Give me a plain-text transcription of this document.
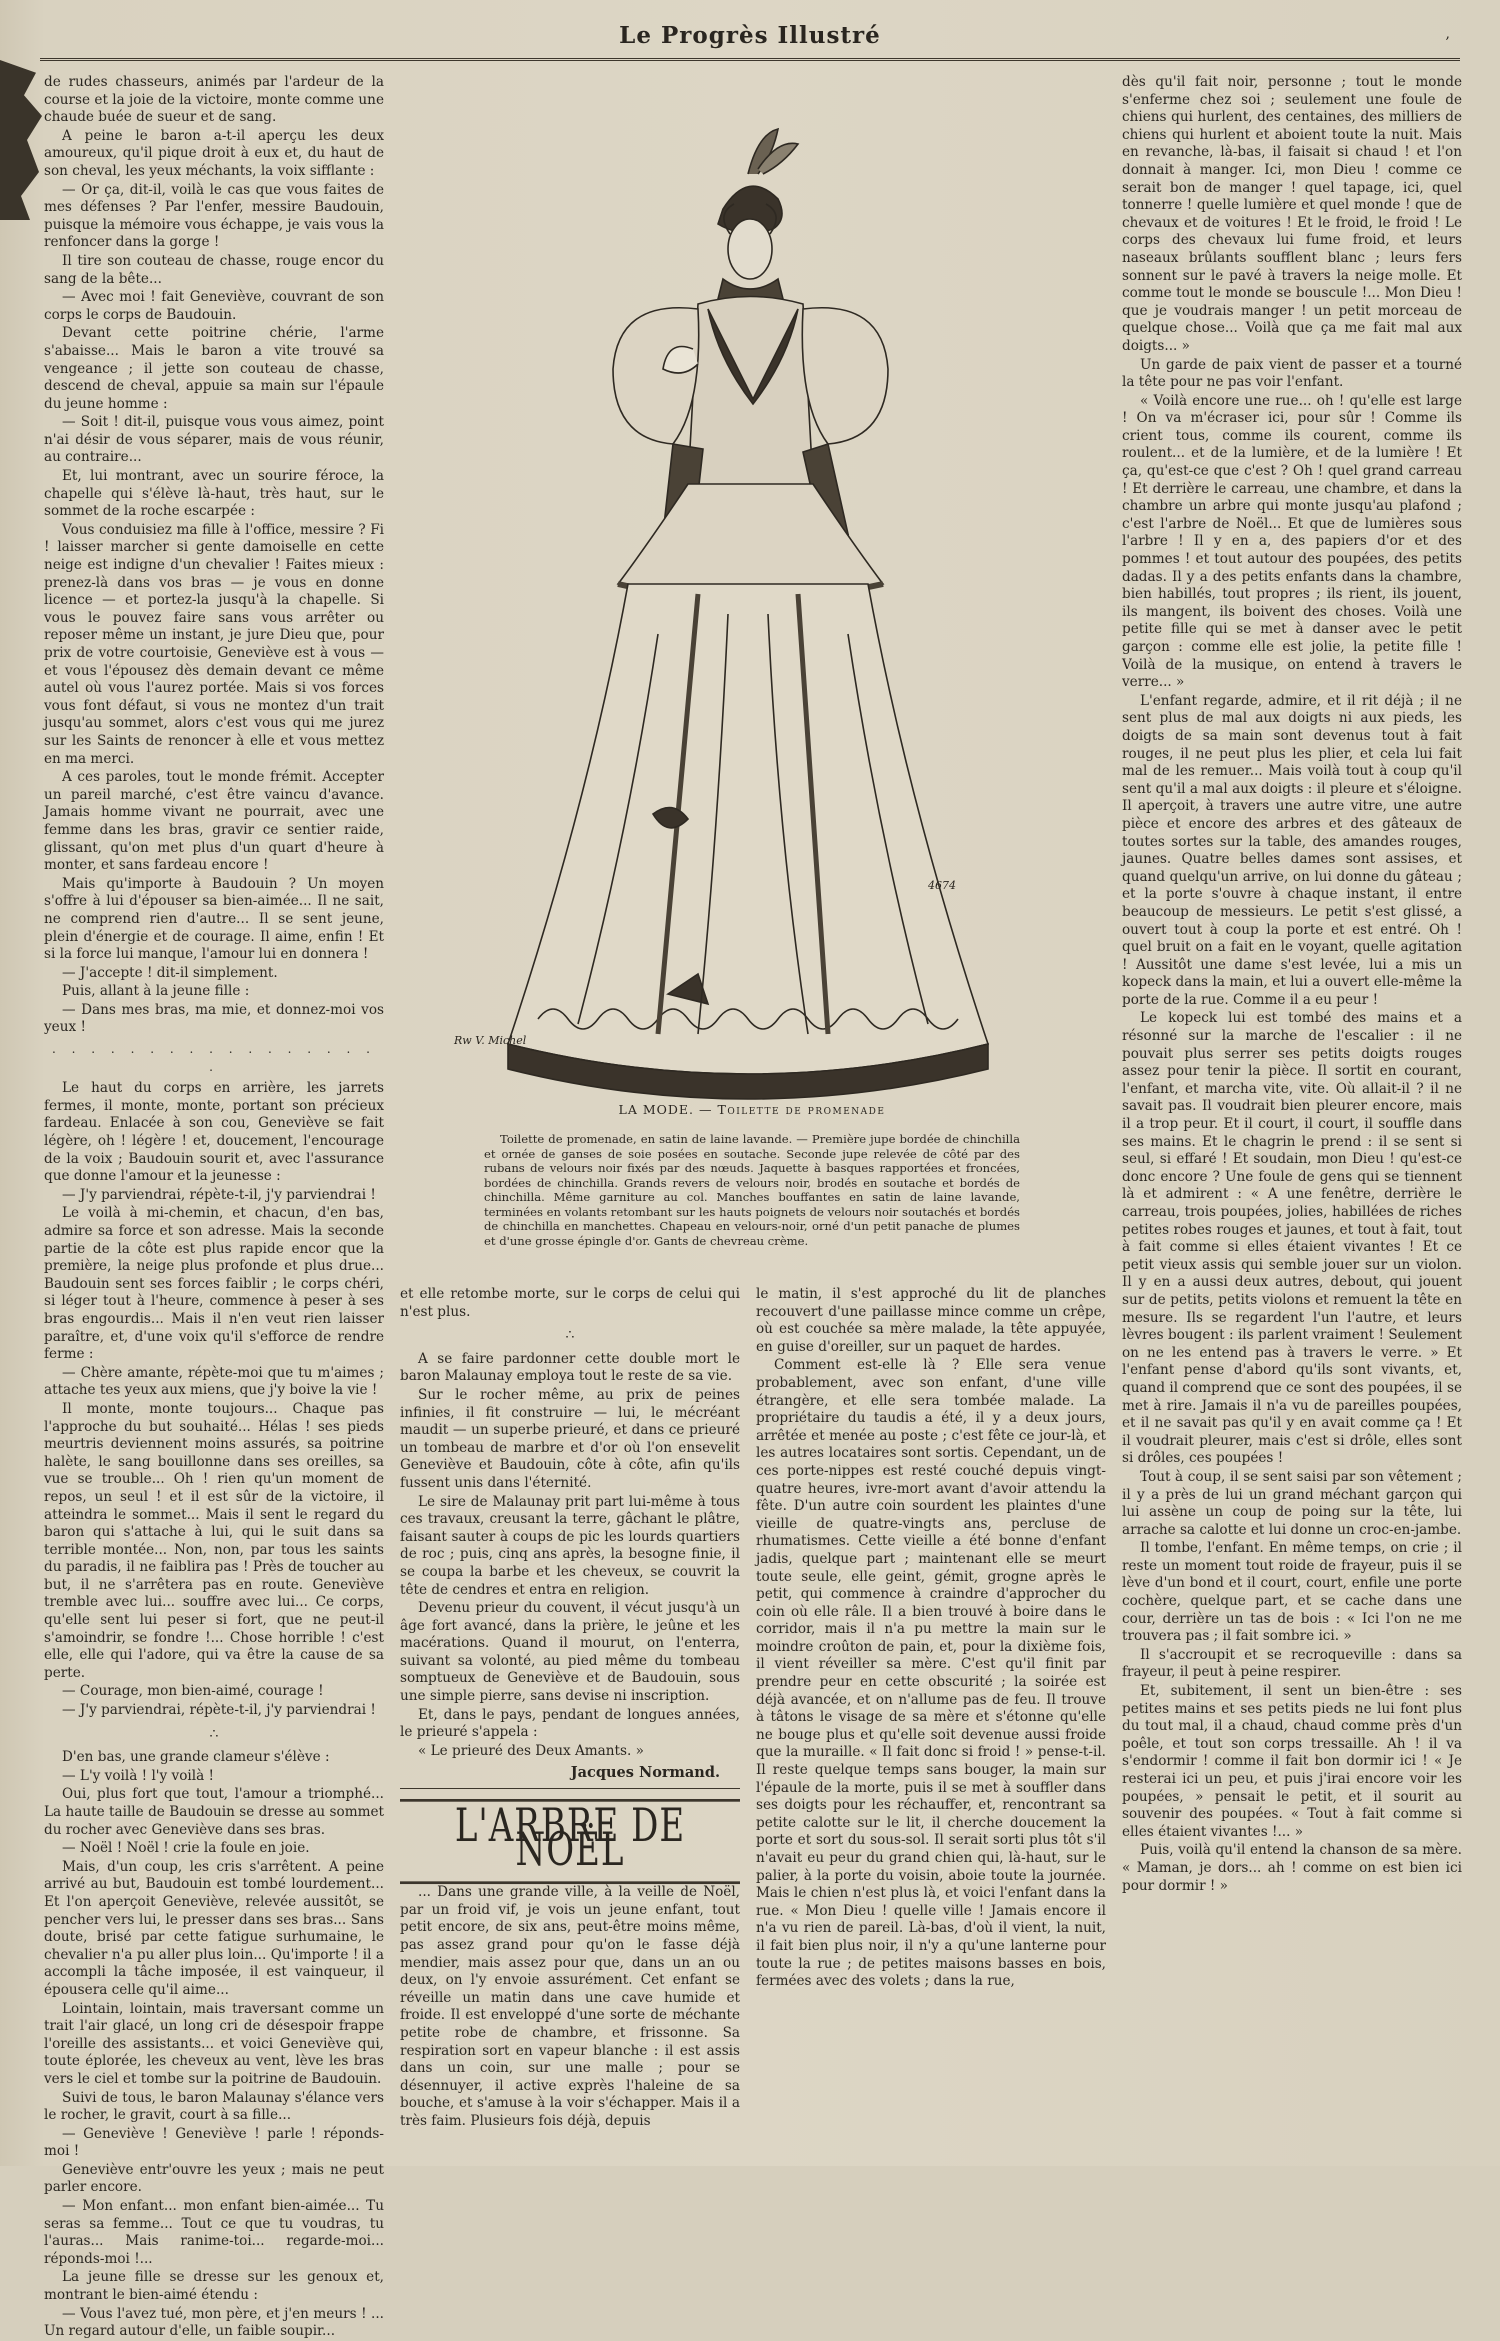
Le Progrès Illustré	,

de rudes chasseurs, animés par l'ardeur de la course et la joie de la victoire, monte comme une chaude buée de sueur et de sang.

A peine le baron a-t-il aperçu les deux amoureux, qu'il pique droit à eux et, du haut de son cheval, les yeux méchants, la voix sifflante :

— Or ça, dit-il, voilà le cas que vous faites de mes défenses ? Par l'enfer, messire Baudouin, puisque la mémoire vous échappe, je vais vous la renfoncer dans la gorge !

Il tire son couteau de chasse, rouge encor du sang de la bête...

— Avec moi ! fait Geneviève, couvrant de son corps le corps de Baudouin.

Devant cette poitrine chérie, l'arme s'abaisse... Mais le baron a vite trouvé sa vengeance ; il jette son couteau de chasse, descend de cheval, appuie sa main sur l'épaule du jeune homme :

— Soit ! dit-il, puisque vous vous aimez, point n'ai désir de vous séparer, mais de vous réunir, au contraire...

Et, lui montrant, avec un sourire féroce, la chapelle qui s'élève là-haut, très haut, sur le sommet de la roche escarpée :

Vous conduisiez ma fille à l'office, messire ? Fi ! laisser marcher si gente damoiselle en cette neige est indigne d'un chevalier ! Faites mieux : prenez-là dans vos bras — je vous en donne licence — et portez-la jusqu'à la chapelle. Si vous le pouvez faire sans vous arrêter ou reposer même un instant, je jure Dieu que, pour prix de votre courtoisie, Geneviève est à vous — et vous l'épousez dès demain devant ce même autel où vous l'aurez portée. Mais si vos forces vous font défaut, si vous ne montez d'un trait jusqu'au sommet, alors c'est vous qui me jurez sur les Saints de renoncer à elle et vous mettez en ma merci.

A ces paroles, tout le monde frémit. Accepter un pareil marché, c'est être vaincu d'avance. Jamais homme vivant ne pourrait, avec une femme dans les bras, gravir ce sentier raide, glissant, qu'on met plus d'un quart d'heure à monter, et sans fardeau encore !

Mais qu'importe à Baudouin ? Un moyen s'offre à lui d'épouser sa bien-aimée... Il ne sait, ne comprend rien d'autre... Il se sent jeune, plein d'énergie et de courage. Il aime, enfin ! Et si la force lui manque, l'amour lui en donnera !

— J'accepte ! dit-il simplement.

Puis, allant à la jeune fille :

— Dans mes bras, ma mie, et donnez-moi vos yeux !

. . . . . . . . . . . . . . . . . .

Le haut du corps en arrière, les jarrets fermes, il monte, monte, portant son précieux fardeau. Enlacée à son cou, Geneviève se fait légère, oh ! légère ! et, doucement, l'encourage de la voix ; Baudouin sourit et, avec l'assurance que donne l'amour et la jeunesse :

— J'y parviendrai, répète-t-il, j'y parviendrai !

Le voilà à mi-chemin, et chacun, d'en bas, admire sa force et son adresse. Mais la seconde partie de la côte est plus rapide encor que la première, la neige plus profonde et plus drue... Baudouin sent ses forces faiblir ; le corps chéri, si léger tout à l'heure, commence à peser à ses bras engourdis... Mais il n'en veut rien laisser paraître, et, d'une voix qu'il s'efforce de rendre ferme :

— Chère amante, répète-moi que tu m'aimes ; attache tes yeux aux miens, que j'y boive la vie !

Il monte, monte toujours... Chaque pas l'approche du but souhaité... Hélas ! ses pieds meurtris deviennent moins assurés, sa poitrine halète, le sang bouillonne dans ses oreilles, sa vue se trouble... Oh ! rien qu'un moment de repos, un seul ! et il est sûr de la victoire, il atteindra le sommet... Mais il sent le regard du baron qui s'attache à lui, qui le suit dans sa terrible montée... Non, non, par tous les saints du paradis, il ne faiblira pas ! Près de toucher au but, il ne s'arrêtera pas en route. Geneviève tremble avec lui... souffre avec lui... Ce corps, qu'elle sent lui peser si fort, que ne peut-il s'amoindrir, se fondre !... Chose horrible ! c'est elle, elle qui l'adore, qui va être la cause de sa perte.

— Courage, mon bien-aimé, courage !

— J'y parviendrai, répète-t-il, j'y parviendrai !

∴

D'en bas, une grande clameur s'élève :

— L'y voilà ! l'y voilà !

Oui, plus fort que tout, l'amour a triomphé... La haute taille de Baudouin se dresse au sommet du rocher avec Geneviève dans ses bras.

— Noël ! Noël ! crie la foule en joie.

Mais, d'un coup, les cris s'arrêtent. A peine arrivé au but, Baudouin est tombé lourdement... Et l'on aperçoit Geneviève, relevée aussitôt, se pencher vers lui, le presser dans ses bras... Sans doute, brisé par cette fatigue surhumaine, le chevalier n'a pu aller plus loin... Qu'importe ! il a accompli la tâche imposée, il est vainqueur, il épousera celle qu'il aime...

Lointain, lointain, mais traversant comme un trait l'air glacé, un long cri de désespoir frappe l'oreille des assistants... et voici Geneviève qui, toute éplorée, les cheveux au vent, lève les bras vers le ciel et tombe sur la poitrine de Baudouin.

Suivi de tous, le baron Malaunay s'élance vers le rocher, le gravit, court à sa fille...

— Geneviève ! Geneviève ! parle ! réponds-moi !

Geneviève entr'ouvre les yeux ; mais ne peut parler encore.

— Mon enfant... mon enfant bien-aimée... Tu seras sa femme... Tout ce que tu voudras, tu l'auras... Mais ranime-toi... regarde-moi... réponds-moi !...

La jeune fille se dresse sur les genoux et, montrant le bien-aimé étendu :

— Vous l'avez tué, mon père, et j'en meurs ! ... Un regard autour d'elle, un faible soupir...

4674
Rw V. Michel
LA MODE. — Toilette de promenade
Toilette de promenade, en satin de laine lavande. — Première jupe bordée de chinchilla et ornée de ganses de soie posées en soutache. Seconde jupe relevée de côté par des rubans de velours noir fixés par des nœuds. Jaquette à basques rapportées et froncées, bordées de chinchilla. Grands revers de velours noir, brodés en soutache et bordés de chinchilla. Même garniture au col. Manches bouffantes en satin de laine lavande, terminées en volants retombant sur les hauts poignets de velours noir soutachés et bordés de chinchilla en manchettes. Chapeau en velours-noir, orné d'un petit panache de plumes et d'une grosse épingle d'or. Gants de chevreau crème.

et elle retombe morte, sur le corps de celui qui n'est plus.

∴

A se faire pardonner cette double mort le baron Malaunay employa tout le reste de sa vie.

Sur le rocher même, au prix de peines infinies, il fit construire — lui, le mécréant maudit — un superbe prieuré, et dans ce prieuré un tombeau de marbre et d'or où l'on ensevelit Geneviève et Baudouin, côte à côte, afin qu'ils fussent unis dans l'éternité.

Le sire de Malaunay prit part lui-même à tous ces travaux, creusant la terre, gâchant le plâtre, faisant sauter à coups de pic les lourds quartiers de roc ; puis, cinq ans après, la besogne finie, il se coupa la barbe et les cheveux, se couvrit la tête de cendres et entra en religion.

Devenu prieur du couvent, il vécut jusqu'à un âge fort avancé, dans la prière, le jeûne et les macérations. Quand il mourut, on l'enterra, suivant sa volonté, au pied même du tombeau somptueux de Geneviève et de Baudouin, sous une simple pierre, sans devise ni inscription.

Et, dans le pays, pendant de longues années, le prieuré s'appela :

« Le prieuré des Deux Amants. »

Jacques Normand.
L'ARBRE DE NOËL

... Dans une grande ville, à la veille de Noël, par un froid vif, je vois un jeune enfant, tout petit encore, de six ans, peut-être moins même, pas assez grand pour qu'on le fasse déjà mendier, mais assez pour que, dans un an ou deux, on l'y envoie assurément. Cet enfant se réveille un matin dans une cave humide et froide. Il est enveloppé d'une sorte de méchante petite robe de chambre, et frissonne. Sa respiration sort en vapeur blanche : il est assis dans un coin, sur une malle ; pour se désennuyer, il active exprès l'haleine de sa bouche, et s'amuse à la voir s'échapper. Mais il a très faim. Plusieurs fois déjà, depuis

le matin, il s'est approché du lit de planches recouvert d'une paillasse mince comme un crêpe, où est couchée sa mère malade, la tête appuyée, en guise d'oreiller, sur un paquet de hardes.

Comment est-elle là ? Elle sera venue probablement, avec son enfant, d'une ville étrangère, et elle sera tombée malade. La propriétaire du taudis a été, il y a deux jours, arrêtée et menée au poste ; c'est fête ce jour-là, et les autres locataires sont sortis. Cependant, un de ces porte-nippes est resté couché depuis vingt-quatre heures, ivre-mort avant d'avoir attendu la fête. D'un autre coin sourdent les plaintes d'une vieille de quatre-vingts ans, percluse de rhumatismes. Cette vieille a été bonne d'enfant jadis, quelque part ; maintenant elle se meurt toute seule, elle geint, gémit, grogne après le petit, qui commence à craindre d'approcher du coin où elle râle. Il a bien trouvé à boire dans le corridor, mais il n'a pu mettre la main sur le moindre croûton de pain, et, pour la dixième fois, il vient réveiller sa mère. C'est qu'il finit par prendre peur en cette obscurité ; la soirée est déjà avancée, et on n'allume pas de feu. Il trouve à tâtons le visage de sa mère et s'étonne qu'elle ne bouge plus et qu'elle soit devenue aussi froide que la muraille. « Il fait donc si froid ! » pense-t-il. Il reste quelque temps sans bouger, la main sur l'épaule de la morte, puis il se met à souffler dans ses doigts pour les réchauffer, et, rencontrant sa petite calotte sur le lit, il cherche doucement la porte et sort du sous-sol. Il serait sorti plus tôt s'il n'avait eu peur du grand chien qui, là-haut, sur le palier, à la porte du voisin, aboie toute la journée. Mais le chien n'est plus là, et voici l'enfant dans la rue. « Mon Dieu ! quelle ville ! Jamais encore il n'a vu rien de pareil. Là-bas, d'où il vient, la nuit, il fait bien plus noir, il n'y a qu'une lanterne pour toute la rue ; de petites maisons basses en bois, fermées avec des volets ; dans la rue,

dès qu'il fait noir, personne ; tout le monde s'enferme chez soi ; seulement une foule de chiens qui hurlent, des centaines, des milliers de chiens qui hurlent et aboient toute la nuit. Mais en revanche, là-bas, il faisait si chaud ! et l'on donnait à manger. Ici, mon Dieu ! comme ce serait bon de manger ! quel tapage, ici, quel tonnerre ! quelle lumière et quel monde ! que de chevaux et de voitures ! Et le froid, le froid ! Le corps des chevaux lui fume froid, et leurs naseaux brûlants soufflent blanc ; leurs fers sonnent sur le pavé à travers la neige molle. Et comme tout le monde se bouscule !... Mon Dieu ! que je voudrais manger ! un petit morceau de quelque chose... Voilà que ça me fait mal aux doigts... »

Un garde de paix vient de passer et a tourné la tête pour ne pas voir l'enfant.

« Voilà encore une rue... oh ! qu'elle est large ! On va m'écraser ici, pour sûr ! Comme ils crient tous, comme ils courent, comme ils roulent... et de la lumière, et de la lumière ! Et ça, qu'est-ce que c'est ? Oh ! quel grand carreau ! Et derrière le carreau, une chambre, et dans la chambre un arbre qui monte jusqu'au plafond ; c'est l'arbre de Noël... Et que de lumières sous l'arbre ! Il y en a, des papiers d'or et des pommes ! et tout autour des poupées, des petits dadas. Il y a des petits enfants dans la chambre, bien habillés, tout propres ; ils rient, ils jouent, ils mangent, ils boivent des choses. Voilà une petite fille qui se met à danser avec le petit garçon : comme elle est jolie, la petite fille ! Voilà de la musique, on entend à travers le verre... »

L'enfant regarde, admire, et il rit déjà ; il ne sent plus de mal aux doigts ni aux pieds, les doigts de sa main sont devenus tout à fait rouges, il ne peut plus les plier, et cela lui fait mal de les remuer... Mais voilà tout à coup qu'il sent qu'il a mal aux doigts : il pleure et s'éloigne. Il aperçoit, à travers une autre vitre, une autre pièce et encore des arbres et des gâteaux de toutes sortes sur la table, des amandes rouges, jaunes. Quatre belles dames sont assises, et quand quelqu'un arrive, on lui donne du gâteau ; et la porte s'ouvre à chaque instant, il entre beaucoup de messieurs. Le petit s'est glissé, a ouvert tout à coup la porte et est entré. Oh ! quel bruit on a fait en le voyant, quelle agitation ! Aussitôt une dame s'est levée, lui a mis un kopeck dans la main, et lui a ouvert elle-même la porte de la rue. Comme il a eu peur !

Le kopeck lui est tombé des mains et a résonné sur la marche de l'escalier : il ne pouvait plus serrer ses petits doigts rouges assez pour tenir la pièce. Il sortit en courant, l'enfant, et marcha vite, vite. Où allait-il ? il ne savait pas. Il voudrait bien pleurer encore, mais il a trop peur. Et il court, il court, il souffle dans ses mains. Et le chagrin le prend : il se sent si seul, si effaré ! Et soudain, mon Dieu ! qu'est-ce donc encore ? Une foule de gens qui se tiennent là et admirent : « A une fenêtre, derrière le carreau, trois poupées, jolies, habillées de riches petites robes rouges et jaunes, et tout à fait, tout à fait comme si elles étaient vivantes ! Et ce petit vieux assis qui semble jouer sur un violon. Il y en a aussi deux autres, debout, qui jouent sur de petits, petits violons et remuent la tête en mesure. Ils se regardent l'un l'autre, et leurs lèvres bougent : ils parlent vraiment ! Seulement on ne les entend pas à travers le verre. » Et l'enfant pense d'abord qu'ils sont vivants, et, quand il comprend que ce sont des poupées, il se met à rire. Jamais il n'a vu de pareilles poupées, et il ne savait pas qu'il y en avait comme ça ! Et il voudrait pleurer, mais c'est si drôle, elles sont si drôles, ces poupées !

Tout à coup, il se sent saisi par son vêtement ; il y a près de lui un grand méchant garçon qui lui assène un coup de poing sur la tête, lui arrache sa calotte et lui donne un croc-en-jambe.

Il tombe, l'enfant. En même temps, on crie ; il reste un moment tout roide de frayeur, puis il se lève d'un bond et il court, court, enfile une porte cochère, quelque part, et se cache dans une cour, derrière un tas de bois : « Ici l'on ne me trouvera pas ; il fait sombre ici. »

Il s'accroupit et se recroqueville : dans sa frayeur, il peut à peine respirer.

Et, subitement, il sent un bien-être : ses petites mains et ses petits pieds ne lui font plus du tout mal, il a chaud, chaud comme près d'un poêle, et tout son corps tressaille. Ah ! il va s'endormir ! comme il fait bon dormir ici ! « Je resterai ici un peu, et puis j'irai encore voir les poupées, » pensait le petit, et il sourit au souvenir des poupées. « Tout à fait comme si elles étaient vivantes !... »

Puis, voilà qu'il entend la chanson de sa mère. « Maman, je dors... ah ! comme on est bien ici pour dormir ! »
